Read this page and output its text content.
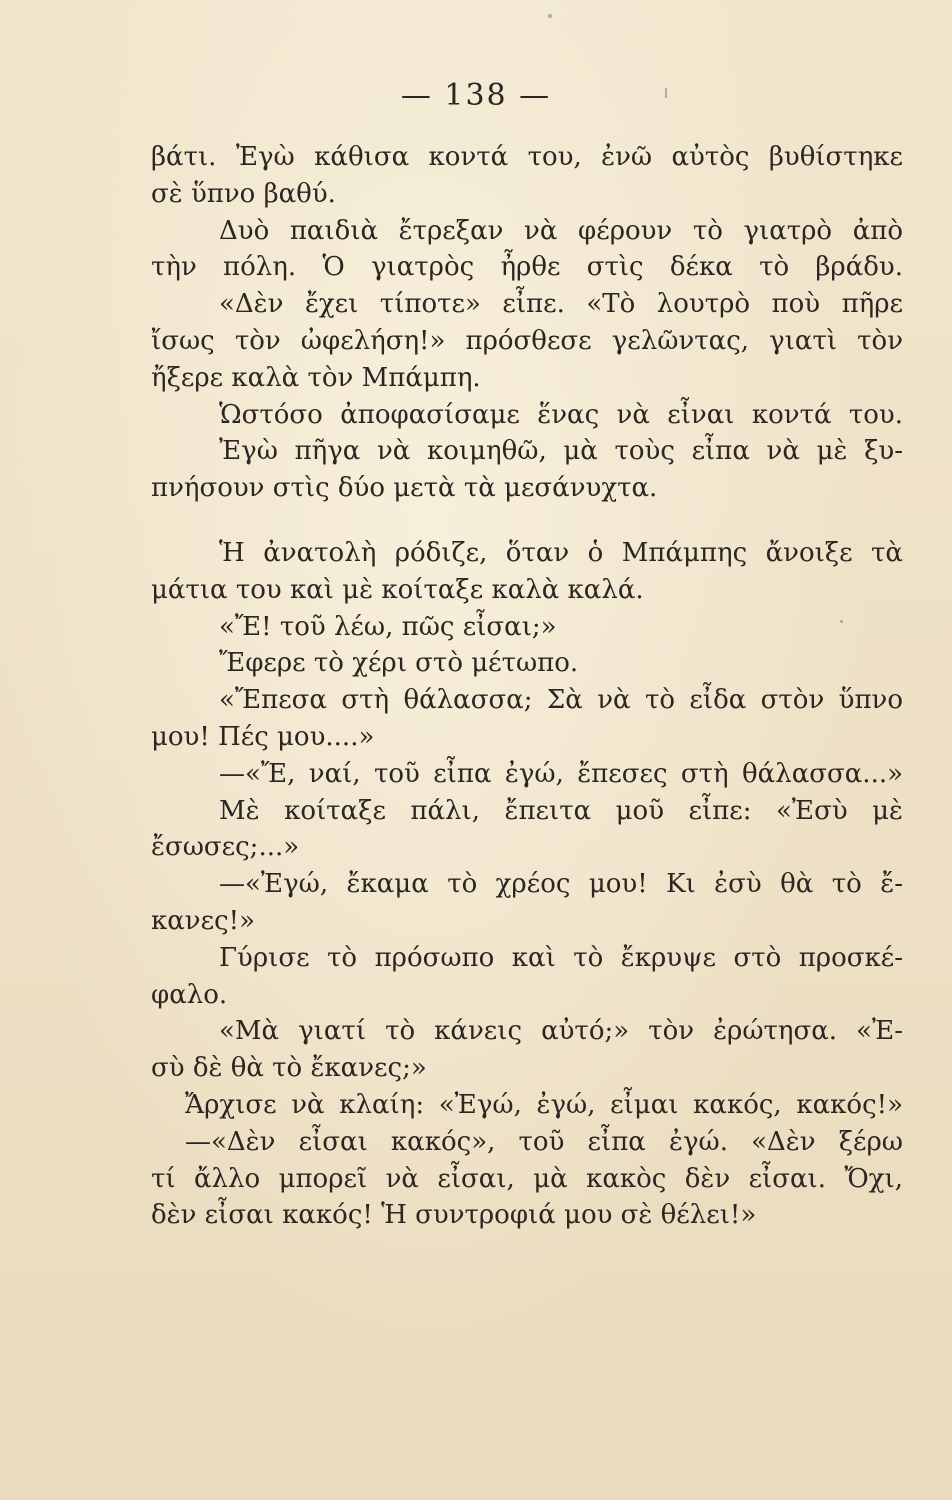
— 138 —
βάτι. Ἐγὼ κάθισα κοντά του, ἐνῶ αὐτὸς βυθίστηκε
σὲ ὕπνο βαθύ.
Δυὸ παιδιὰ ἔτρεξαν νὰ φέρουν τὸ γιατρὸ ἀπὸ
τὴν πόλη. Ὁ γιατρὸς ἦρθε στὶς δέκα τὸ βράδυ.
«Δὲν ἔχει τίποτε» εἶπε. «Τὸ λουτρὸ ποὺ πῆρε
ἴσως τὸν ὠφελήση!» πρόσθεσε γελῶντας, γιατὶ τὸν
ἤξερε καλὰ τὸν Μπάμπη.
Ὡστόσο ἀποφασίσαμε ἕνας νὰ εἶναι κοντά του.
Ἐγὼ πῆγα νὰ κοιμηθῶ, μὰ τοὺς εἶπα νὰ μὲ ξυ-
πνήσουν στὶς δύο μετὰ τὰ μεσάνυχτα.
Ἡ ἀνατολὴ ρόδιζε, ὅταν ὁ Μπάμπης ἄνοιξε τὰ
μάτια του καὶ μὲ κοίταξε καλὰ καλά.
«Ἔ! τοῦ λέω, πῶς εἶσαι;»
Ἔφερε τὸ χέρι στὸ μέτωπο.
«Ἔπεσα στὴ θάλασσα; Σὰ νὰ τὸ εἶδα στὸν ὕπνο
μου! Πές μου....»
—«Ἔ, ναί, τοῦ εἶπα ἐγώ, ἔπεσες στὴ θάλασσα...»
Μὲ κοίταξε πάλι, ἔπειτα μοῦ εἶπε: «Ἐσὺ μὲ
ἔσωσες;...»
—«Ἐγώ, ἔκαμα τὸ χρέος μου! Κι ἐσὺ θὰ τὸ ἔ-
κανες!»
Γύρισε τὸ πρόσωπο καὶ τὸ ἔκρυψε στὸ προσκέ-
φαλο.
«Μὰ γιατί τὸ κάνεις αὐτό;» τὸν ἐρώτησα. «Ἐ-
σὺ δὲ θὰ τὸ ἔκανες;»
Ἄρχισε νὰ κλαίη: «Ἐγώ, ἐγώ, εἶμαι κακός, κακός!»
—«Δὲν εἶσαι κακός», τοῦ εἶπα ἐγώ. «Δὲν ξέρω
τί ἄλλο μπορεῖ νὰ εἶσαι, μὰ κακὸς δὲν εἶσαι. Ὄχι,
δὲν εἶσαι κακός! Ἡ συντροφιά μου σὲ θέλει!»
